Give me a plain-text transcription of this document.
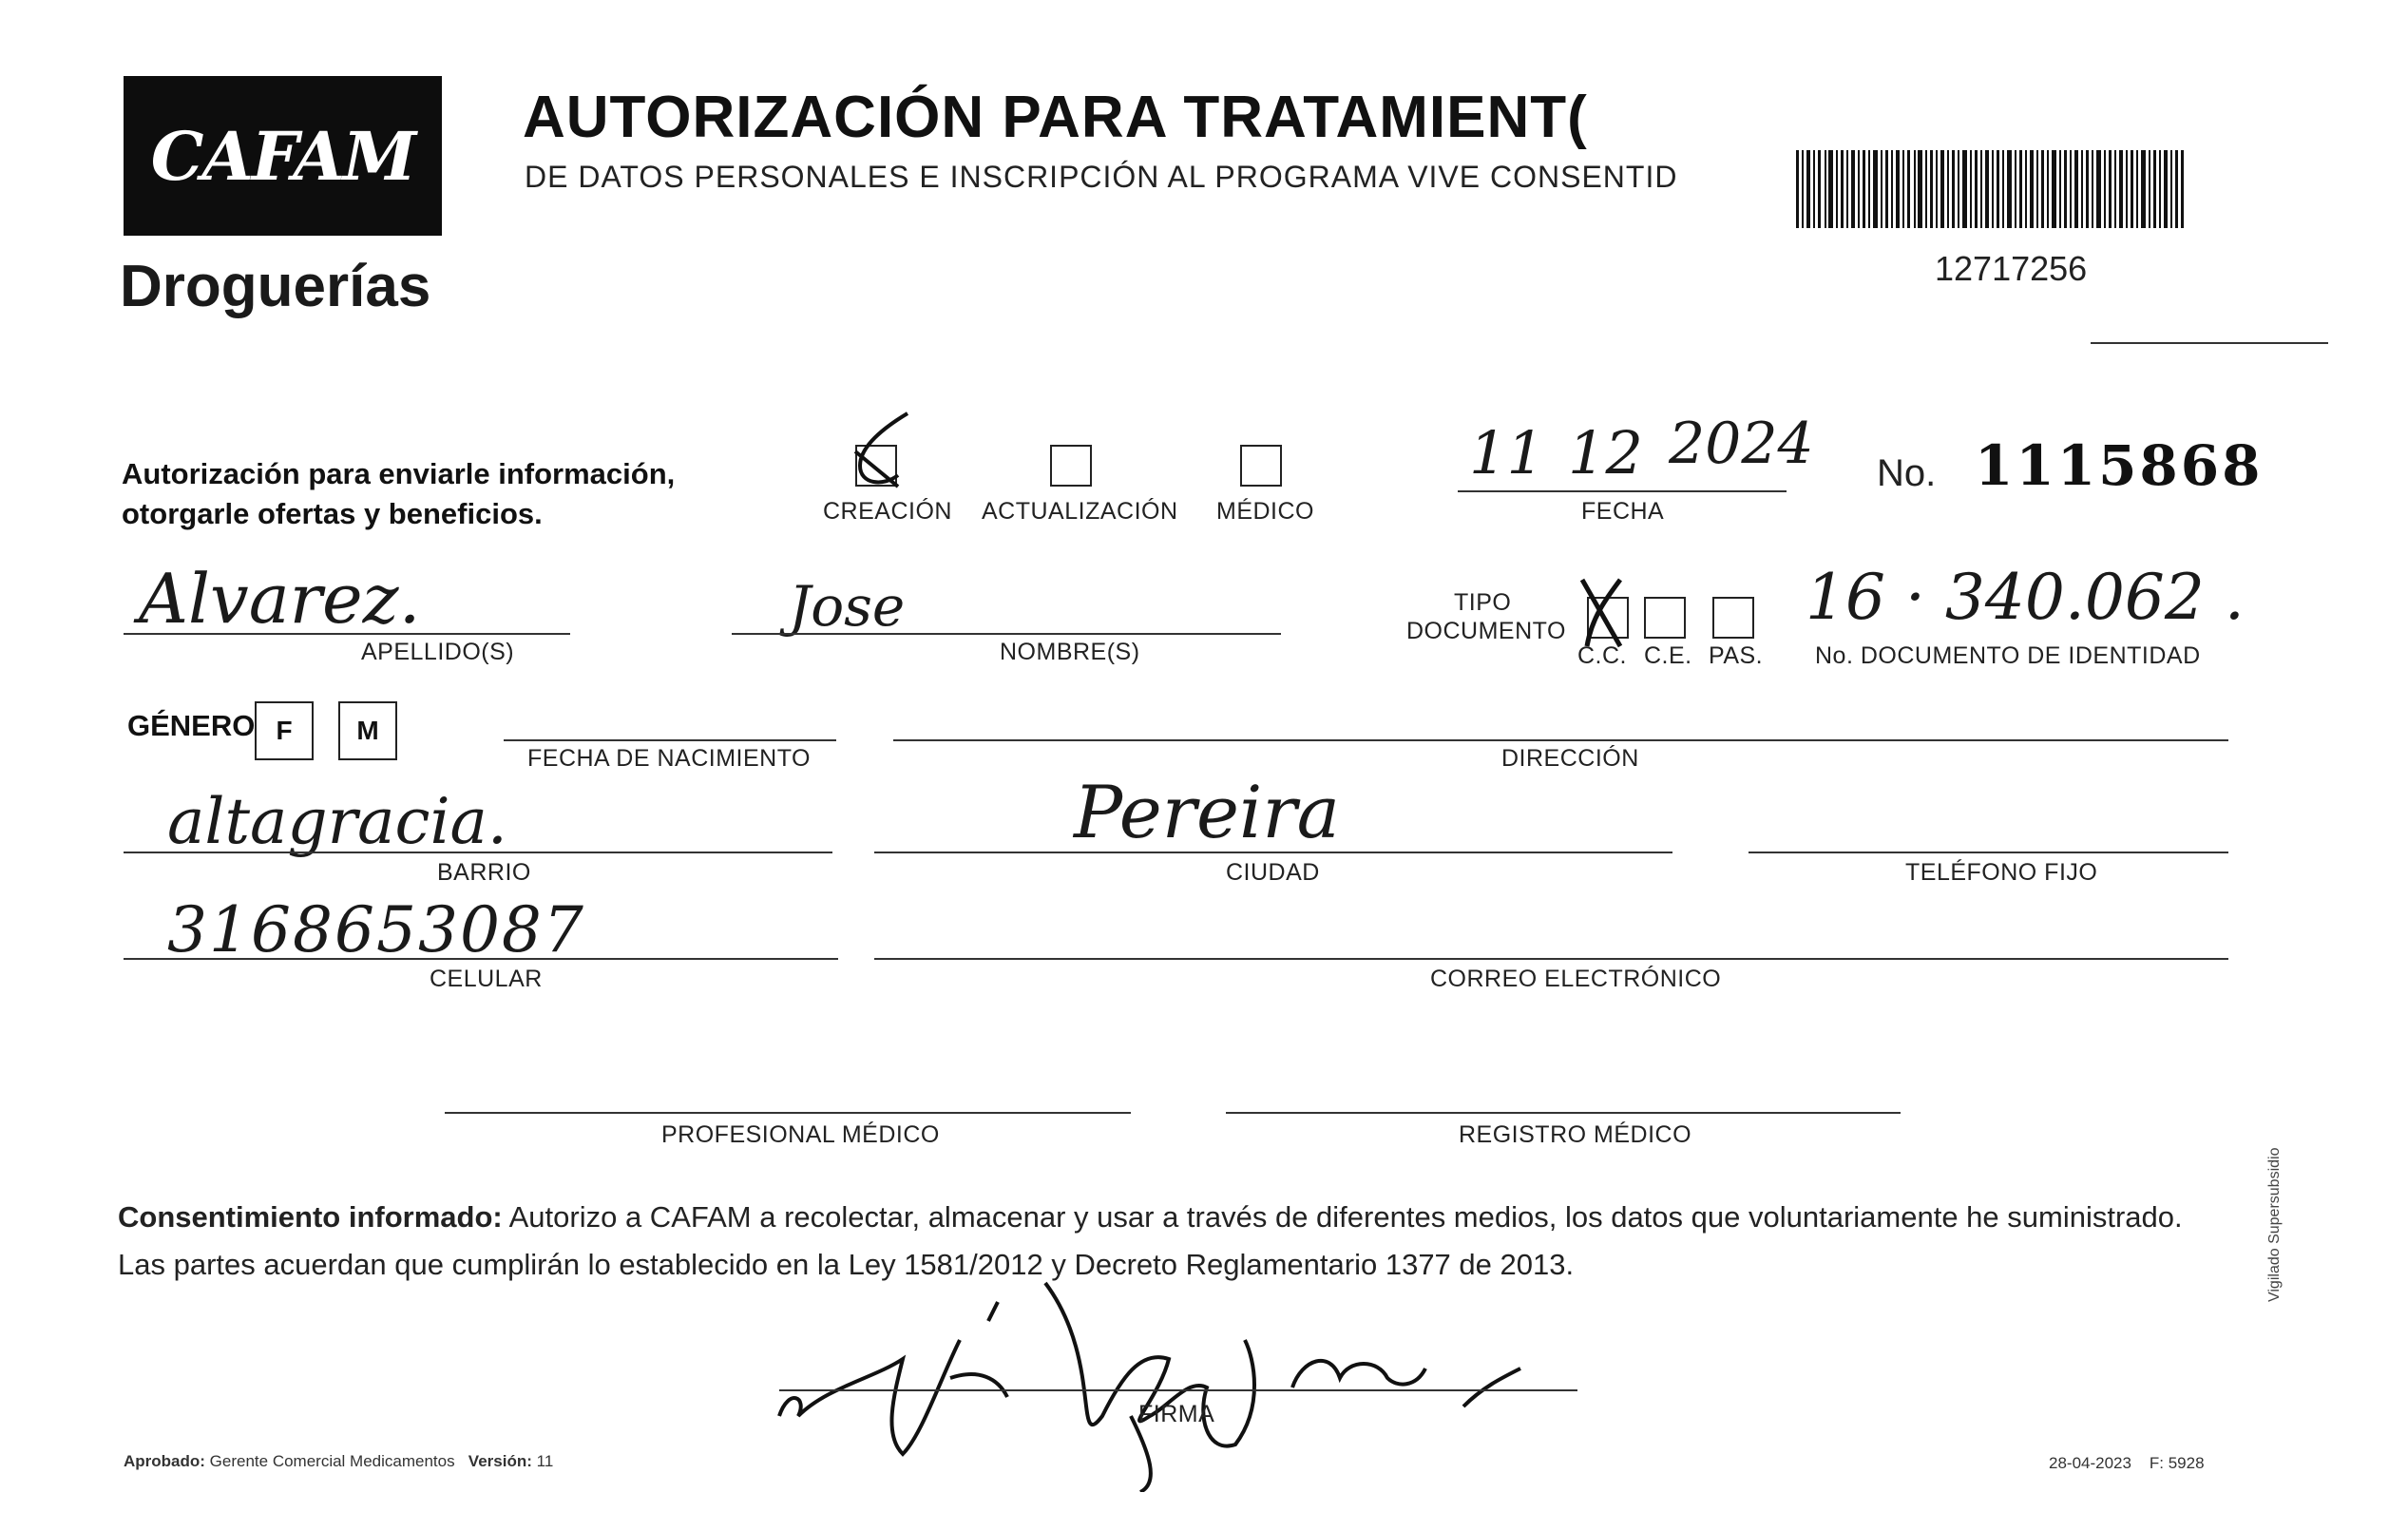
CAFAM
Droguerías
AUTORIZACIÓN PARA TRATAMIENT(
DE DATOS PERSONALES E INSCRIPCIÓN AL PROGRAMA VIVE CONSENTID
12717256
Autorización para enviarle información,
otorgarle ofertas y beneficios.	CREACIÓN ACTUALIZACIÓN MÉDICO
11 12 2024
FECHA
No. 1115868
Alvarez.
APELLIDO(S)
Jose
NOMBRE(S)
TIPO
DOCUMENTO
C.C. C.E. PAS.
16 · 340.062 .
No. DOCUMENTO DE IDENTIDAD
GÉNERO F	M
FECHA DE NACIMIENTO	DIRECCIÓN
altagracia.
BARRIO
Pereira
CIUDAD	TELÉFONO FIJO
3168653087
CELULAR	CORREO ELECTRÓNICO
PROFESIONAL MÉDICO	REGISTRO MÉDICO
Consentimiento informado: Autorizo a CAFAM a recolectar, almacenar y usar a través de diferentes medios, los datos que voluntariamente he suministrado.
Las partes acuerdan que cumplirán lo establecido en la Ley 1581/2012 y Decreto Reglamentario 1377 de 2013.	Vigilado Supersubsidio
FIRMA
Aprobado: Gerente Comercial Medicamentos Versión: 11	28-04-2023 F: 5928
